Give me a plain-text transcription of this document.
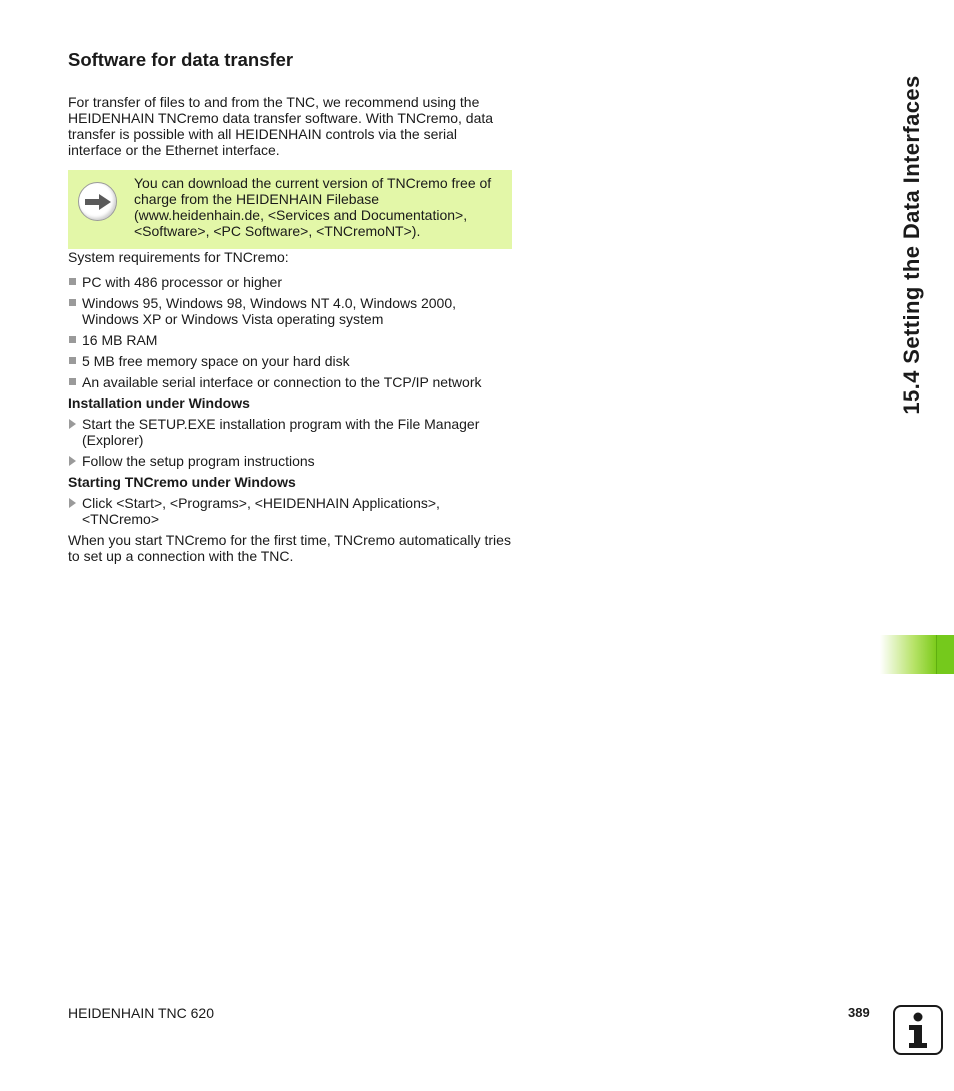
Software for data transfer

For transfer of files to and from the TNC, we recommend using the HEIDENHAIN TNCremo data transfer software. With TNCremo, data transfer is possible with all HEIDENHAIN controls via the serial interface or the Ethernet interface.

You can download the current version of TNCremo free of charge from the HEIDENHAIN Filebase (www.heidenhain.de, <Services and Documentation>, <Software>, <PC Software>, <TNCremoNT>).

System requirements for TNCremo:

PC with 486 processor or higher
Windows 95, Windows 98, Windows NT 4.0, Windows 2000, Windows XP or Windows Vista operating system
16 MB RAM
5 MB free memory space on your hard disk
An available serial interface or connection to the TCP/IP network
Installation under Windows
Start the SETUP.EXE installation program with the File Manager (Explorer)
Follow the setup program instructions
Starting TNCremo under Windows
Click <Start>, <Programs>, <HEIDENHAIN Applications>, <TNCremo>

When you start TNCremo for the first time, TNCremo automatically tries to set up a connection with the TNC.

15.4 Setting the Data Interfaces
HEIDENHAIN TNC 620	389
